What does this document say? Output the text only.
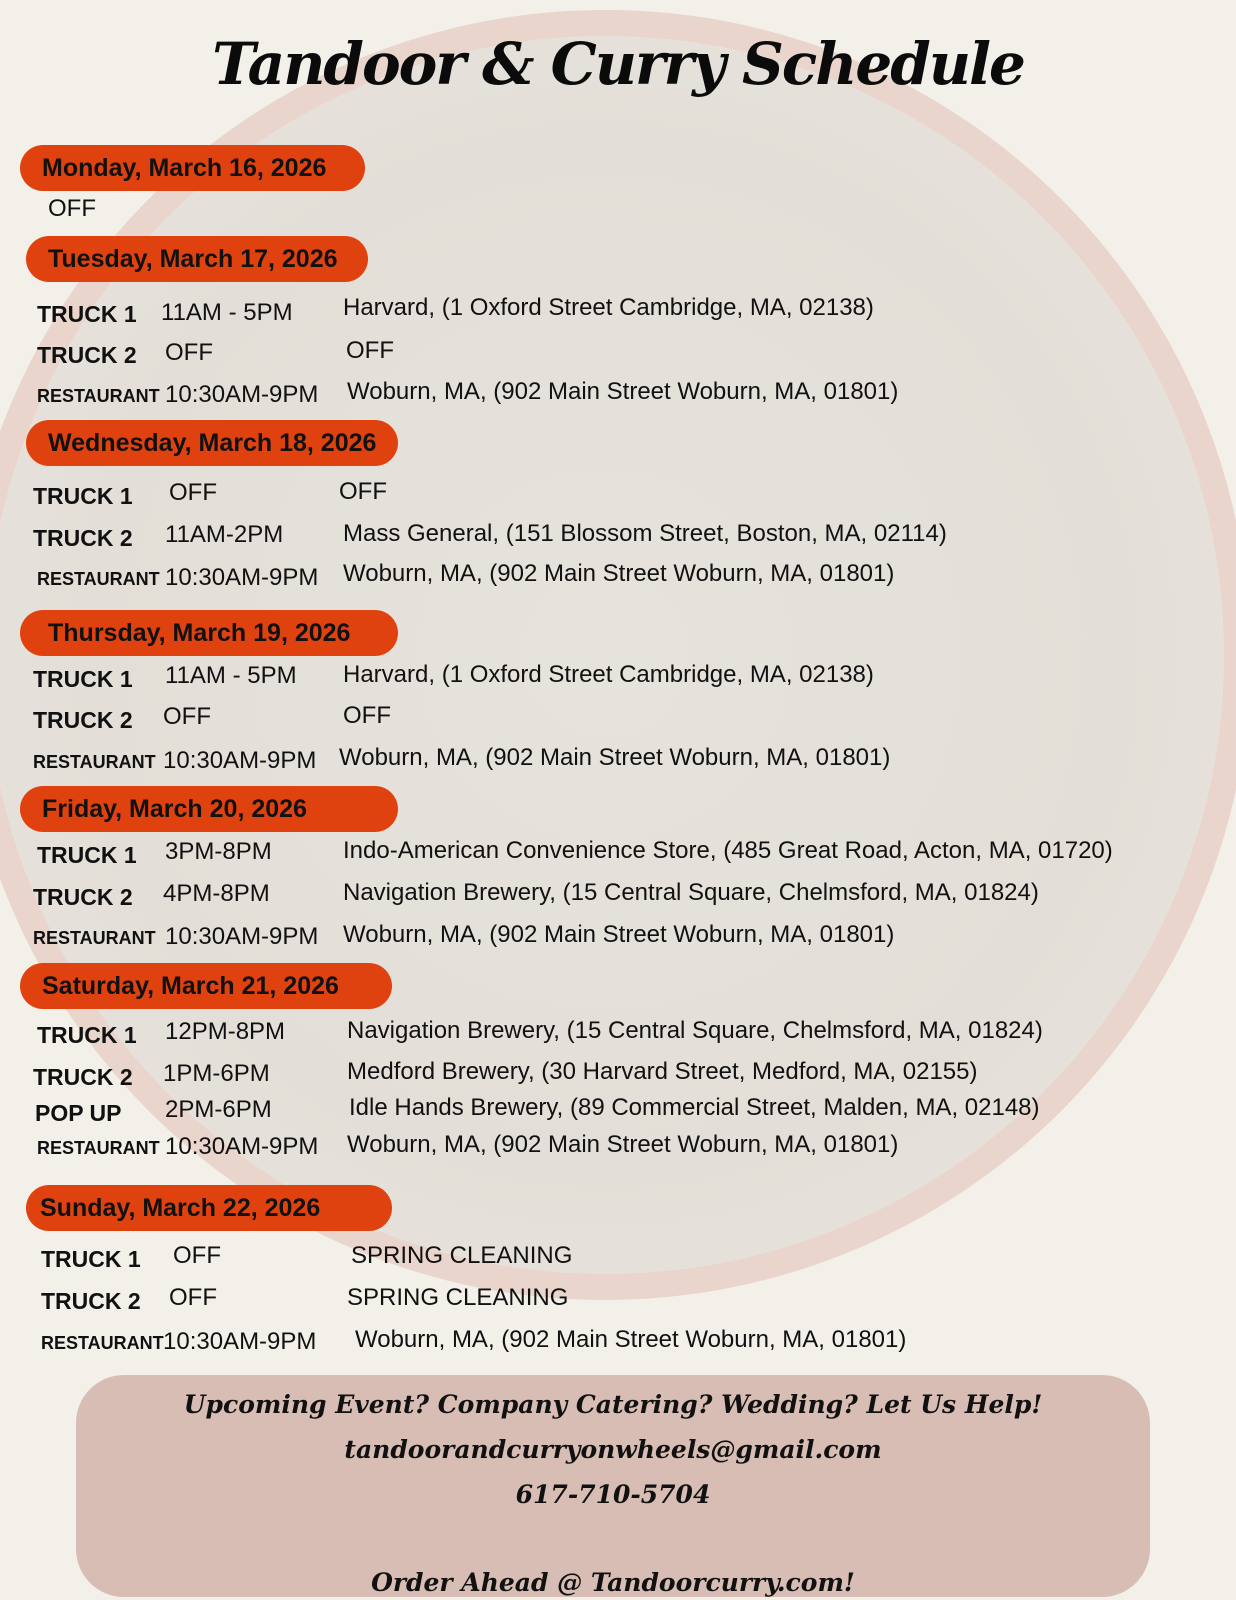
Tandoor & Curry Schedule
Monday, March 16, 2026
OFF
Tuesday, March 17, 2026
TRUCK 1 11AM - 5PM Harvard, (1 Oxford Street Cambridge, MA, 02138)
TRUCK 2 OFF	OFF
RESTAURANT 10:30AM-9PM Woburn, MA, (902 Main Street Woburn, MA, 01801)
Wednesday, March 18, 2026
TRUCK 1 OFF	OFF
TRUCK 2 11AM-2PM Mass General, (151 Blossom Street, Boston, MA, 02114)
RESTAURANT 10:30AM-9PM Woburn, MA, (902 Main Street Woburn, MA, 01801)
Thursday, March 19, 2026
TRUCK 1 11AM - 5PM Harvard, (1 Oxford Street Cambridge, MA, 02138)
TRUCK 2 OFF	OFF
RESTAURANT 10:30AM-9PM Woburn, MA, (902 Main Street Woburn, MA, 01801)
Friday, March 20, 2026
TRUCK 1 3PM-8PM	Indo-American Convenience Store, (485 Great Road, Acton, MA, 01720)
TRUCK 2 4PM-8PM	Navigation Brewery, (15 Central Square, Chelmsford, MA, 01824)
RESTAURANT 10:30AM-9PM Woburn, MA, (902 Main Street Woburn, MA, 01801)
Saturday, March 21, 2026
TRUCK 1 12PM-8PM	Navigation Brewery, (15 Central Square, Chelmsford, MA, 01824)
TRUCK 2 1PM-6PM	Medford Brewery, (30 Harvard Street, Medford, MA, 02155)
POP UP 2PM-6PM	Idle Hands Brewery, (89 Commercial Street, Malden, MA, 02148)
RESTAURANT 10:30AM-9PM Woburn, MA, (902 Main Street Woburn, MA, 01801)
Sunday, March 22, 2026
TRUCK 1 OFF	SPRING CLEANING
TRUCK 2 OFF	SPRING CLEANING
RESTAURANT 10:30AM-9PM Woburn, MA, (902 Main Street Woburn, MA, 01801)
Upcoming Event? Company Catering? Wedding? Let Us Help!
tandoorandcurryonwheels@gmail.com
617-710-5704
Order Ahead @ Tandoorcurry.com!
